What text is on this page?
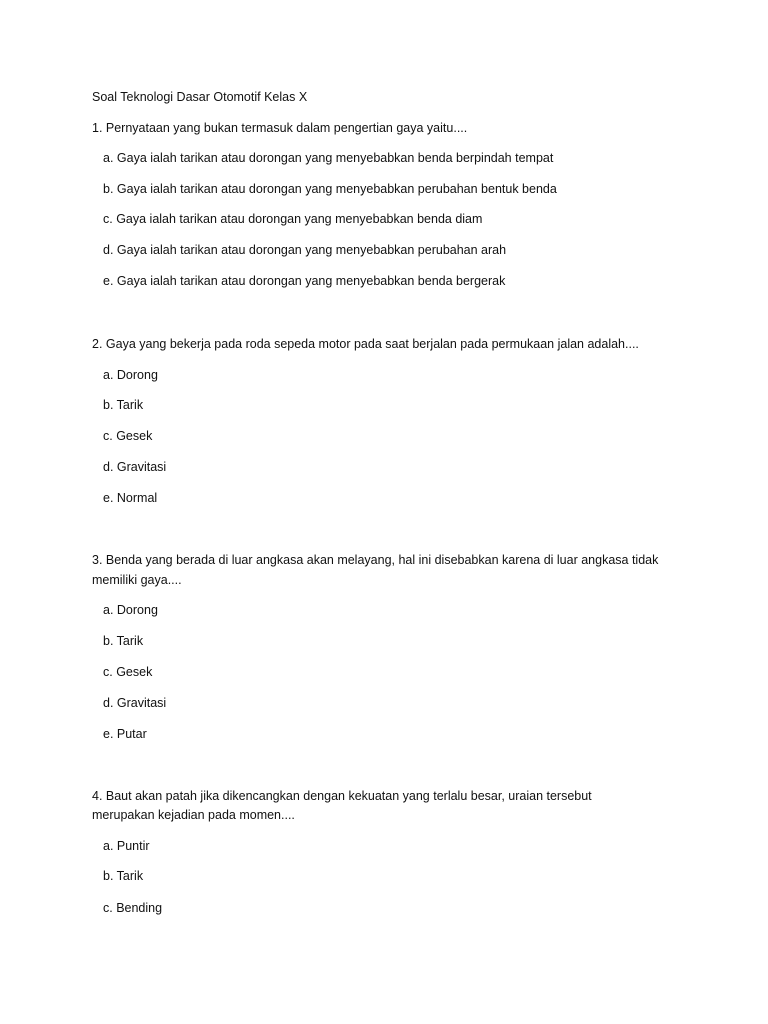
Soal Teknologi Dasar Otomotif Kelas X
1. Pernyataan yang bukan termasuk dalam pengertian gaya yaitu....
a. Gaya ialah tarikan atau dorongan yang menyebabkan benda berpindah tempat
b. Gaya ialah tarikan atau dorongan yang menyebabkan perubahan bentuk benda
c. Gaya ialah tarikan atau dorongan yang menyebabkan benda diam
d. Gaya ialah tarikan atau dorongan yang menyebabkan perubahan arah
e. Gaya ialah tarikan atau dorongan yang menyebabkan benda bergerak
2. Gaya yang bekerja pada roda sepeda motor pada saat berjalan pada permukaan jalan adalah....
a. Dorong
b. Tarik
c. Gesek
d. Gravitasi
e. Normal
3. Benda yang berada di luar angkasa akan melayang, hal ini disebabkan karena di luar angkasa tidak
memiliki gaya....
a. Dorong
b. Tarik
c. Gesek
d. Gravitasi
e. Putar
4. Baut akan patah jika dikencangkan dengan kekuatan yang terlalu besar, uraian tersebut
merupakan kejadian pada momen....
a. Puntir
b. Tarik
c. Bending
